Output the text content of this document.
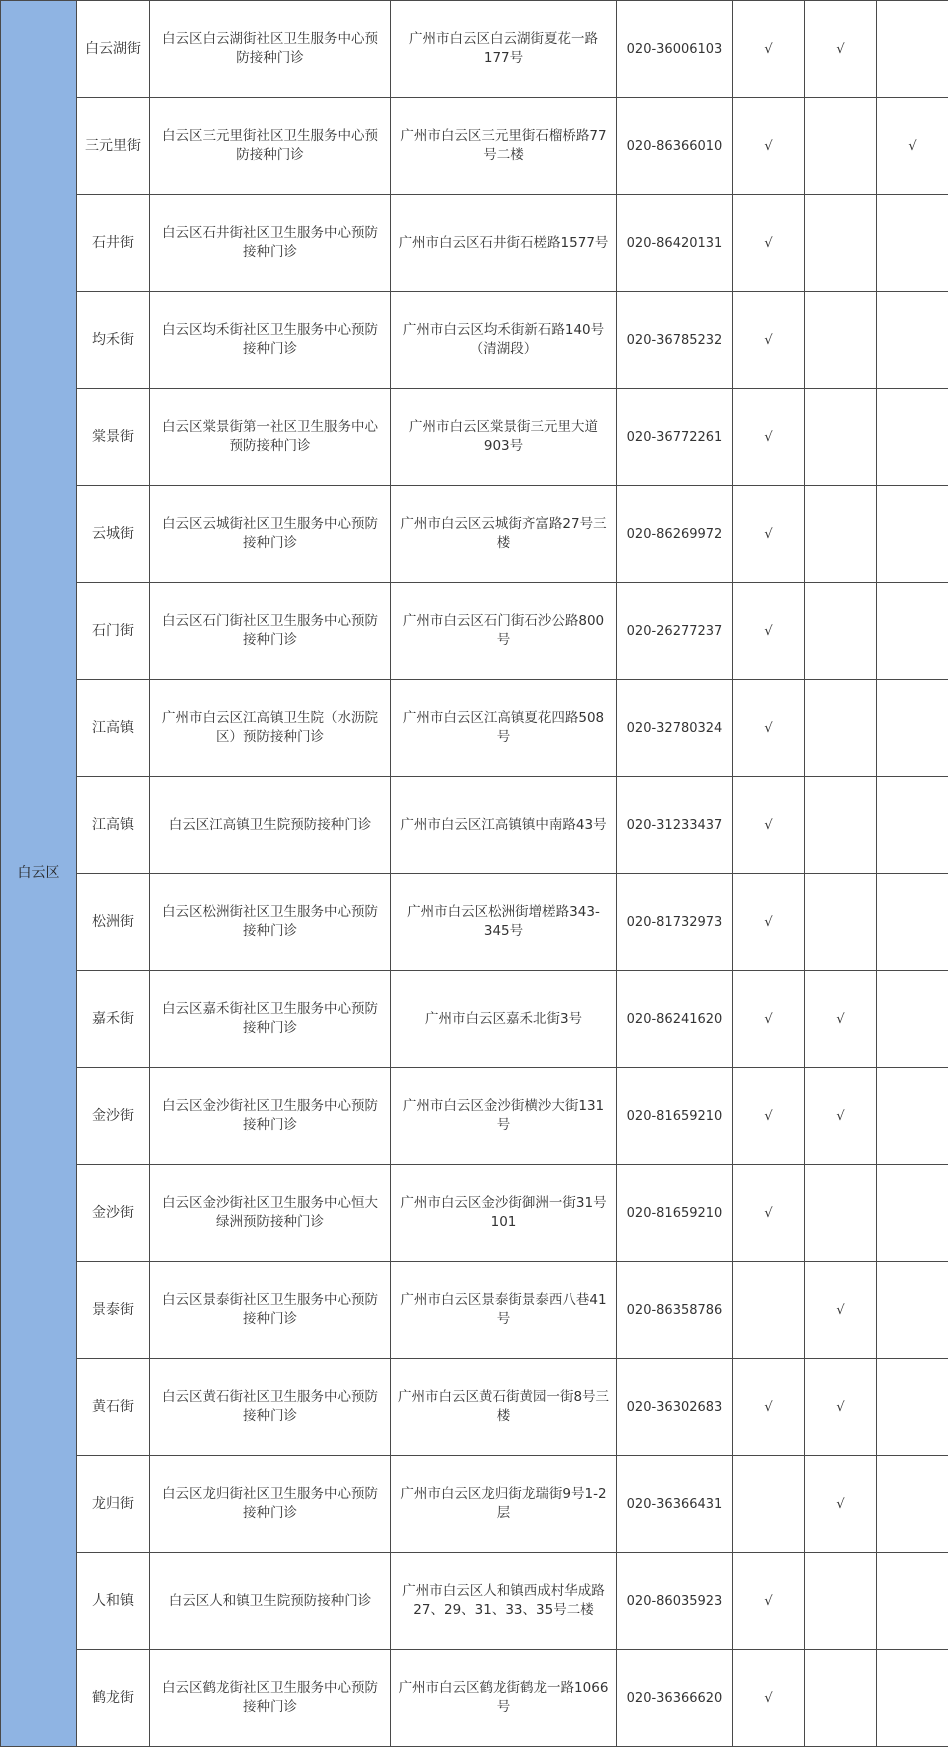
白云区	白云湖街	白云区白云湖街社区卫生服务中心预防接种门诊	广州市白云区白云湖街夏花一路177号	020-36006103	√	√	
	三元里街	白云区三元里街社区卫生服务中心预防接种门诊	广州市白云区三元里街石榴桥路77号二楼	020-86366010	√		√
	石井街	白云区石井街社区卫生服务中心预防接种门诊	广州市白云区石井街石槎路1577号	020-86420131	√		
	均禾街	白云区均禾街社区卫生服务中心预防接种门诊	广州市白云区均禾街新石路140号（清湖段）	020-36785232	√		
	棠景街	白云区棠景街第一社区卫生服务中心预防接种门诊	广州市白云区棠景街三元里大道903号	020-36772261	√		
	云城街	白云区云城街社区卫生服务中心预防接种门诊	广州市白云区云城街齐富路27号三楼	020-86269972	√		
	石门街	白云区石门街社区卫生服务中心预防接种门诊	广州市白云区石门街石沙公路800号	020-26277237	√		
	江高镇	广州市白云区江高镇卫生院（水沥院区）预防接种门诊	广州市白云区江高镇夏花四路508号	020-32780324	√		
	江高镇	白云区江高镇卫生院预防接种门诊	广州市白云区江高镇镇中南路43号	020-31233437	√		
	松洲街	白云区松洲街社区卫生服务中心预防接种门诊	广州市白云区松洲街增槎路343-345号	020-81732973	√		
	嘉禾街	白云区嘉禾街社区卫生服务中心预防接种门诊	广州市白云区嘉禾北街3号	020-86241620	√	√	
	金沙街	白云区金沙街社区卫生服务中心预防接种门诊	广州市白云区金沙街横沙大街131号	020-81659210	√	√	
	金沙街	白云区金沙街社区卫生服务中心恒大绿洲预防接种门诊	广州市白云区金沙街御洲一街31号101	020-81659210	√		
	景泰街	白云区景泰街社区卫生服务中心预防接种门诊	广州市白云区景泰街景泰西八巷41号	020-86358786		√	
	黄石街	白云区黄石街社区卫生服务中心预防接种门诊	广州市白云区黄石街黄园一街8号三楼	020-36302683	√	√	
	龙归街	白云区龙归街社区卫生服务中心预防接种门诊	广州市白云区龙归街龙瑞街9号1-2层	020-36366431		√	
	人和镇	白云区人和镇卫生院预防接种门诊	广州市白云区人和镇西成村华成路27、29、31、33、35号二楼	020-86035923	√		
	鹤龙街	白云区鹤龙街社区卫生服务中心预防接种门诊	广州市白云区鹤龙街鹤龙一路1066号	020-36366620	√		
